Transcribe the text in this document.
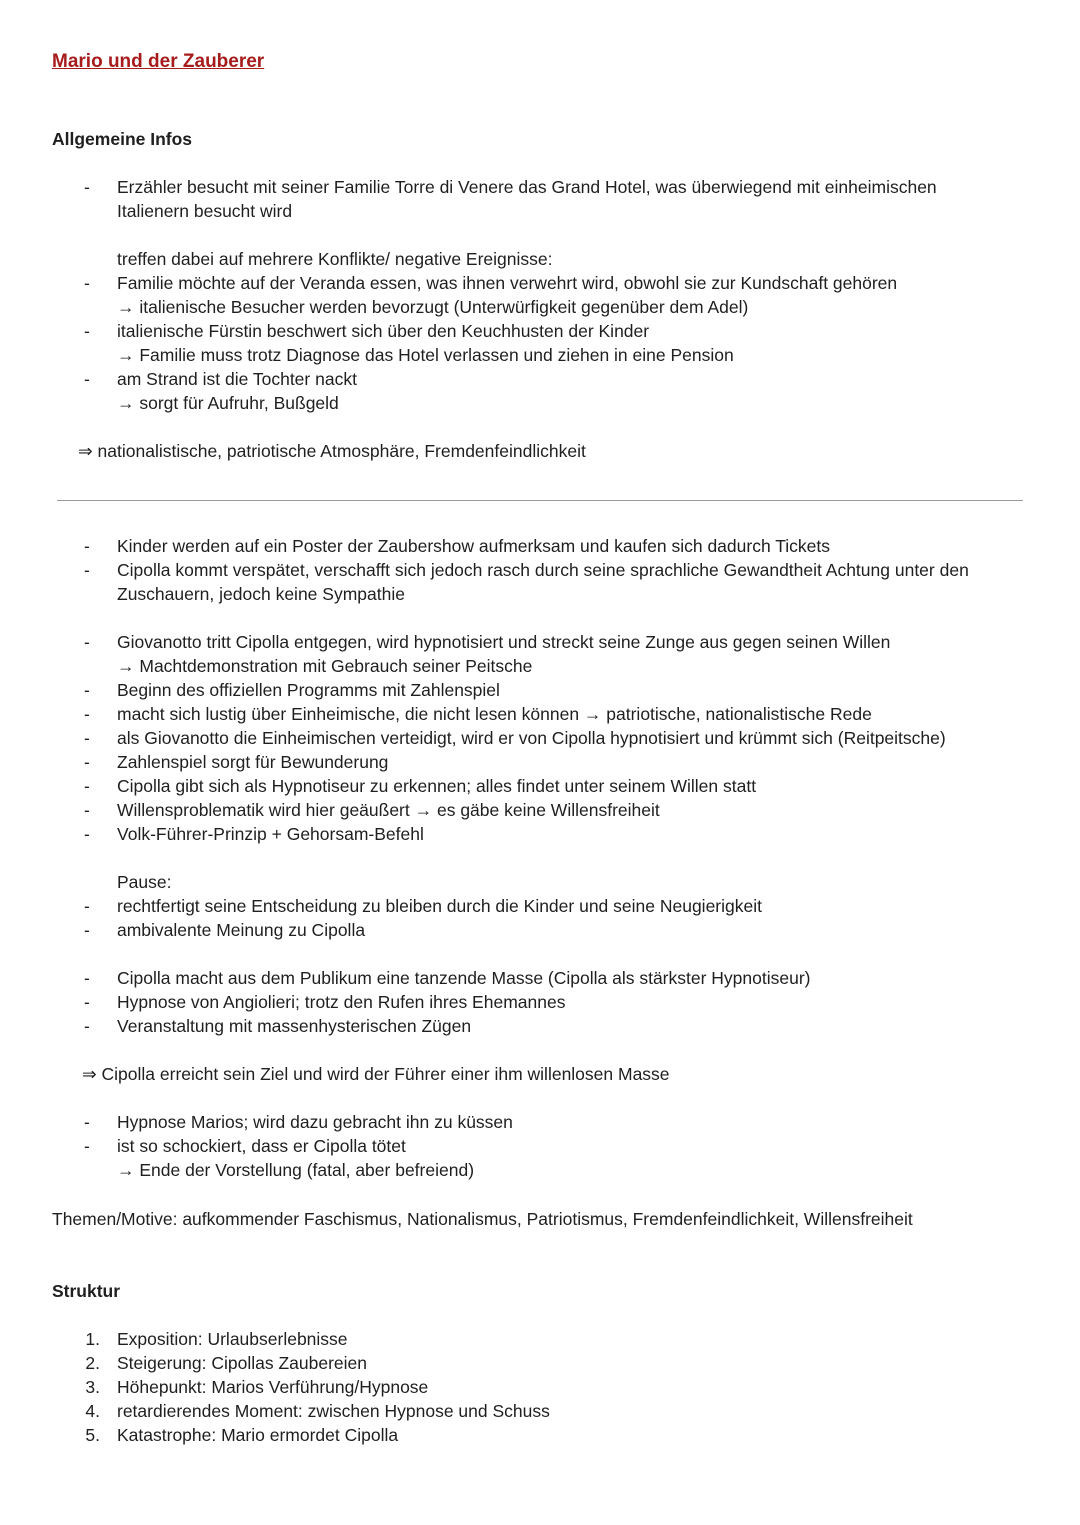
Mario und der Zauberer
Allgemeine Infos
- Erzähler besucht mit seiner Familie Torre di Venere das Grand Hotel, was überwiegend mit einheimischen
Italienern besucht wird
treffen dabei auf mehrere Konflikte/ negative Ereignisse:
- Familie möchte auf der Veranda essen, was ihnen verwehrt wird, obwohl sie zur Kundschaft gehören
→ italienische Besucher werden bevorzugt (Unterwürfigkeit gegenüber dem Adel)
- italienische Fürstin beschwert sich über den Keuchhusten der Kinder
→ Familie muss trotz Diagnose das Hotel verlassen und ziehen in eine Pension
- am Strand ist die Tochter nackt
→ sorgt für Aufruhr, Bußgeld
⇒ nationalistische, patriotische Atmosphäre, Fremdenfeindlichkeit
- Kinder werden auf ein Poster der Zaubershow aufmerksam und kaufen sich dadurch Tickets
- Cipolla kommt verspätet, verschafft sich jedoch rasch durch seine sprachliche Gewandtheit Achtung unter den
Zuschauern, jedoch keine Sympathie
- Giovanotto tritt Cipolla entgegen, wird hypnotisiert und streckt seine Zunge aus gegen seinen Willen
→ Machtdemonstration mit Gebrauch seiner Peitsche
- Beginn des offiziellen Programms mit Zahlenspiel
- macht sich lustig über Einheimische, die nicht lesen können → patriotische, nationalistische Rede
- als Giovanotto die Einheimischen verteidigt, wird er von Cipolla hypnotisiert und krümmt sich (Reitpeitsche)
- Zahlenspiel sorgt für Bewunderung
- Cipolla gibt sich als Hypnotiseur zu erkennen; alles findet unter seinem Willen statt
- Willensproblematik wird hier geäußert → es gäbe keine Willensfreiheit
- Volk-Führer-Prinzip + Gehorsam-Befehl
Pause:
- rechtfertigt seine Entscheidung zu bleiben durch die Kinder und seine Neugierigkeit
- ambivalente Meinung zu Cipolla
- Cipolla macht aus dem Publikum eine tanzende Masse (Cipolla als stärkster Hypnotiseur)
- Hypnose von Angiolieri; trotz den Rufen ihres Ehemannes
- Veranstaltung mit massenhysterischen Zügen
⇒ Cipolla erreicht sein Ziel und wird der Führer einer ihm willenlosen Masse
- Hypnose Marios; wird dazu gebracht ihn zu küssen
- ist so schockiert, dass er Cipolla tötet
→ Ende der Vorstellung (fatal, aber befreiend)
Themen/Motive: aufkommender Faschismus, Nationalismus, Patriotismus, Fremdenfeindlichkeit, Willensfreiheit
Struktur
1. Exposition: Urlaubserlebnisse
2. Steigerung: Cipollas Zaubereien
3. Höhepunkt: Marios Verführung/Hypnose
4. retardierendes Moment: zwischen Hypnose und Schuss
5. Katastrophe: Mario ermordet Cipolla
